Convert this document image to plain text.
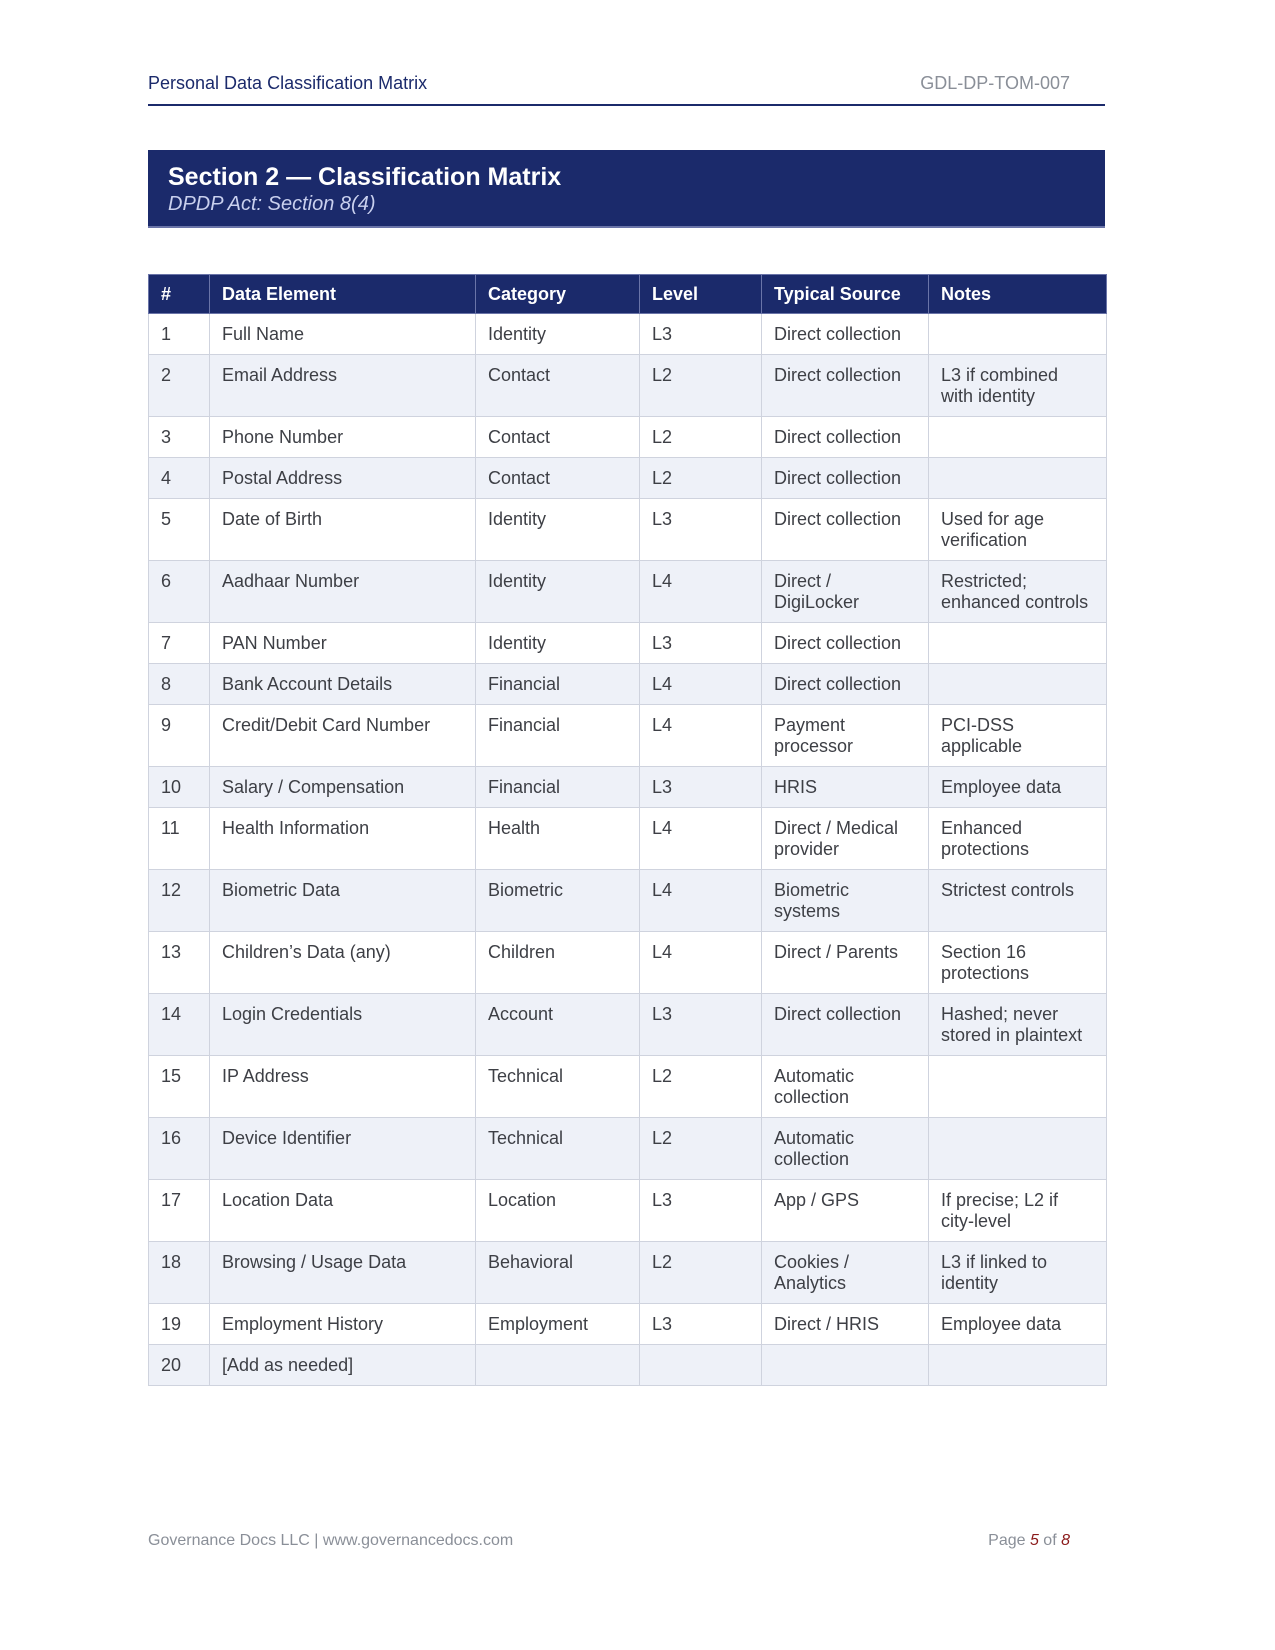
Personal Data Classification Matrix	GDL-DP-TOM-007
Section 2 — Classification Matrix
DPDP Act: Section 8(4)
#	Data Element	Category	Level	Typical Source	Notes
1	Full Name	Identity	L3	Direct collection	
2	Email Address	Contact	L2	Direct collection	L3 if combined with identity
3	Phone Number	Contact	L2	Direct collection	
4	Postal Address	Contact	L2	Direct collection	
5	Date of Birth	Identity	L3	Direct collection	Used for age verification
6	Aadhaar Number	Identity	L4	Direct / DigiLocker	Restricted; enhanced controls
7	PAN Number	Identity	L3	Direct collection	
8	Bank Account Details	Financial	L4	Direct collection	
9	Credit/Debit Card Number	Financial	L4	Payment processor	PCI-DSS applicable
10	Salary / Compensation	Financial	L3	HRIS	Employee data
11	Health Information	Health	L4	Direct / Medical provider	Enhanced protections
12	Biometric Data	Biometric	L4	Biometric systems	Strictest controls
13	Children’s Data (any)	Children	L4	Direct / Parents	Section 16 protections
14	Login Credentials	Account	L3	Direct collection	Hashed; never stored in plaintext
15	IP Address	Technical	L2	Automatic collection	
16	Device Identifier	Technical	L2	Automatic collection	
17	Location Data	Location	L3	App / GPS	If precise; L2 if city-level
18	Browsing / Usage Data	Behavioral	L2	Cookies / Analytics	L3 if linked to identity
19	Employment History	Employment	L3	Direct / HRIS	Employee data
20	[Add as needed]				
Governance Docs LLC | www.governancedocs.com	Page 5 of 8
